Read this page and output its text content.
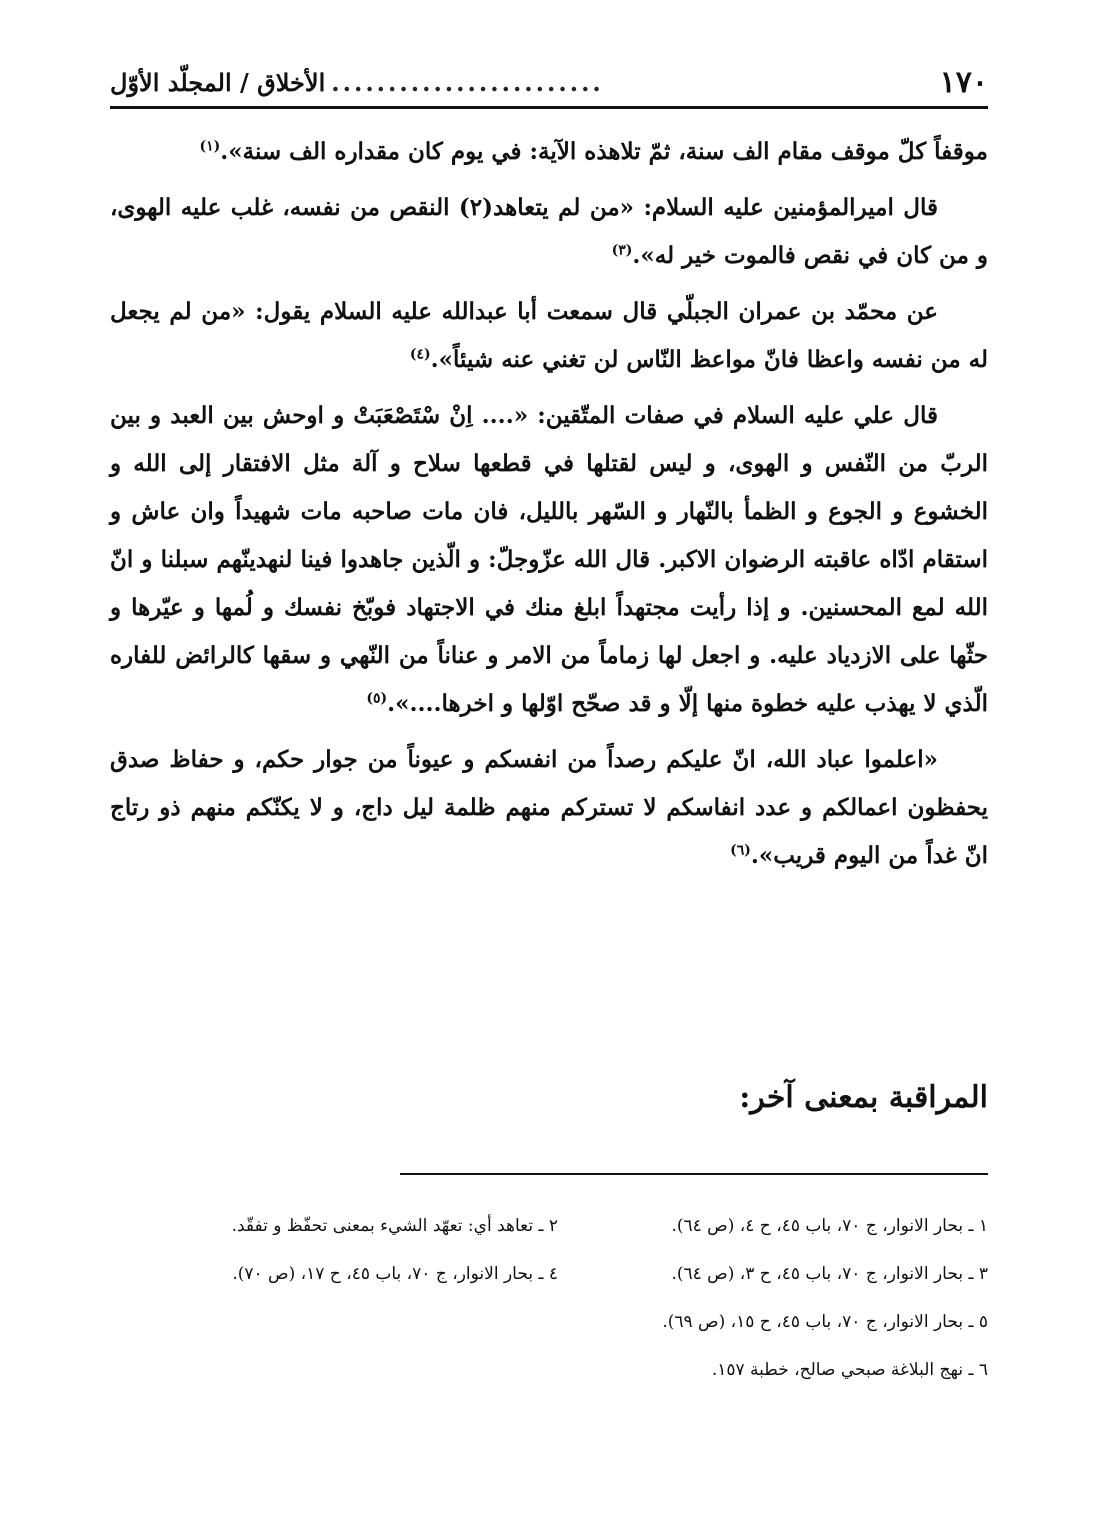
١٧٠
........................
الأخلاق / المجلّد الأوّل

موقفاً كلّ موقف مقام الف سنة، ثمّ تلاهذه الآية: في يوم كان مقداره الف سنة».$^{(١)}$

قال اميرالمؤمنين عليه السلام: «من لم يتعاهد(٢) النقص من نفسه، غلب عليه الهوى، و من كان في نقص فالموت خير له».$^{(٣)}$

عن محمّد بن عمران الجبلّي قال سمعت أبا عبدالله عليه السلام يقول: «من لم يجعل له من نفسه واعظا فانّ مواعظ النّاس لن تغني عنه شيئاً».$^{(٤)}$

قال علي عليه السلام في صفات المتّقين: «.... اِنْ سْتَصْعَبَتْ و اوحش بين العبد و بين الربّ من النّفس و الهوى، و ليس لقتلها في قطعها سلاح و آلة مثل الافتقار إلى الله و الخشوع و الجوع و الظمأ بالنّهار و السّهر بالليل، فان مات صاحبه مات شهيداً وان عاش و استقام ادّاه عاقبته الرضوان الاكبر. قال الله عزّوجلّ: و الّذين جاهدوا فينا لنهدينّهم سبلنا و انّ الله لمع المحسنين. و إذا رأيت مجتهداً ابلغ منك في الاجتهاد فوبّخ نفسك و لُمها و عيّرها و حثّها على الازدياد عليه. و اجعل لها زماماً من الامر و عناناً من النّهي و سقها كالرائض للفاره الّذي لا يهذب عليه خطوة منها إلّا و قد صحّح اوّلها و اخرها....».$^{(٥)}$

«اعلموا عباد الله، انّ عليكم رصداً من انفسكم و عيوناً من جوار حكم، و حفاظ صدق يحفظون اعمالكم و عدد انفاسكم لا تستركم منهم ظلمة ليل داج، و لا يكنّكم منهم ذو رتاج انّ غداً من اليوم قريب».$^{(٦)}$

المراقبة بمعنى آخر:
١ ـ بحار الانوار، ج ٧٠، باب ٤٥، ح ٤، (ص ٦٤).
٢ ـ تعاهد أي: تعهّد الشيء بمعنى تحفّظ و تفقّد.
٣ ـ بحار الانوار، ج ٧٠، باب ٤٥، ح ٣، (ص ٦٤).
٤ ـ بحار الانوار، ج ٧٠، باب ٤٥، ح ١٧، (ص ٧٠).
٥ ـ بحار الانوار، ج ٧٠، باب ٤٥، ح ١٥، (ص ٦٩).
٦ ـ نهج البلاغة صبحي صالح، خطبة ١٥٧.
